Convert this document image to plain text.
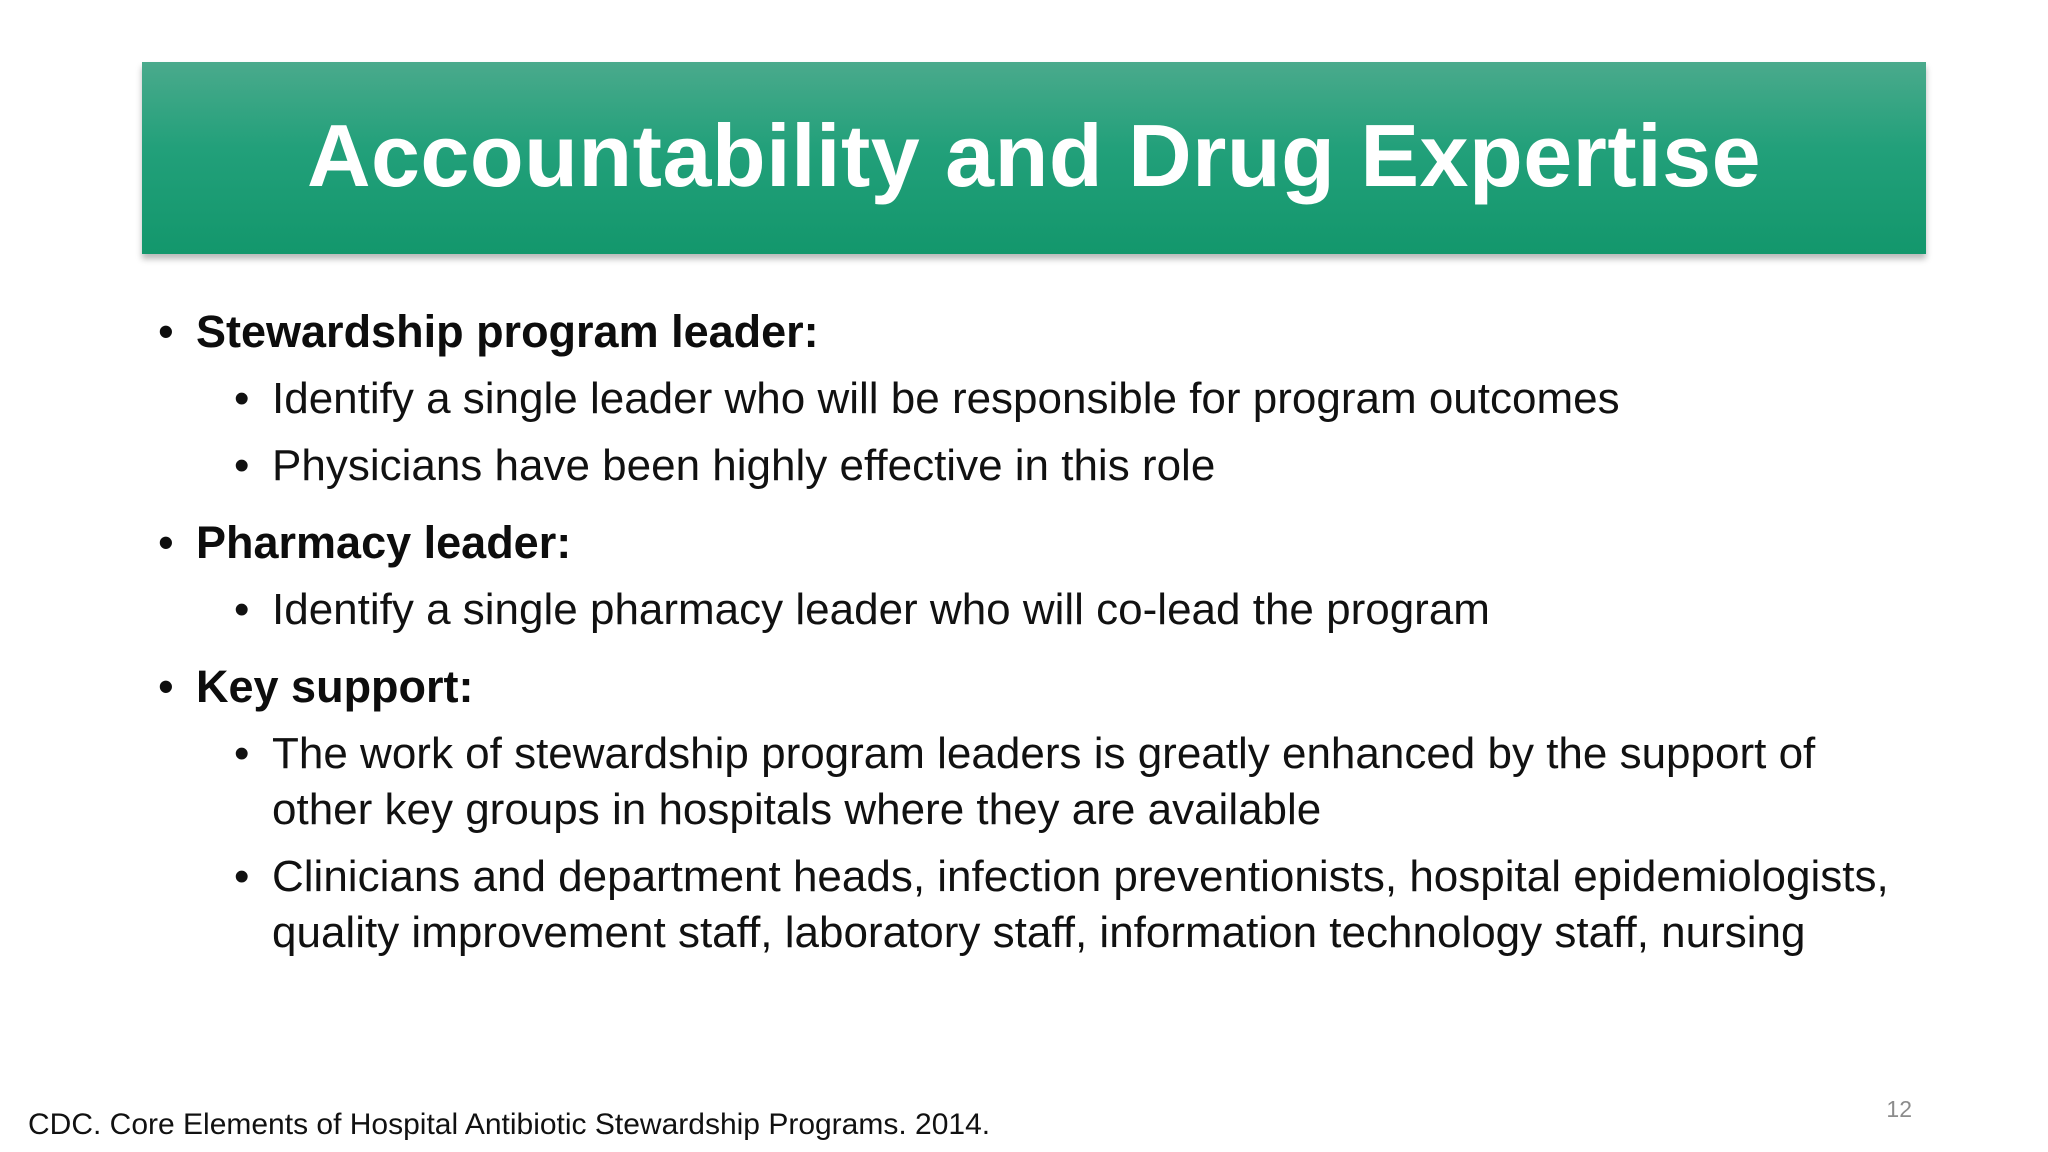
Accountability and Drug Expertise
• Stewardship program leader:
• Identify a single leader who will be responsible for program outcomes
• Physicians have been highly effective in this role
• Pharmacy leader:
• Identify a single pharmacy leader who will co-lead the program
• Key support:
• The work of stewardship program leaders is greatly enhanced by the support of other key groups in hospitals where they are available
• Clinicians and department heads, infection preventionists, hospital epidemiologists, quality improvement staff, laboratory staff, information technology staff, nursing
12
CDC. Core Elements of Hospital Antibiotic Stewardship Programs. 2014.
